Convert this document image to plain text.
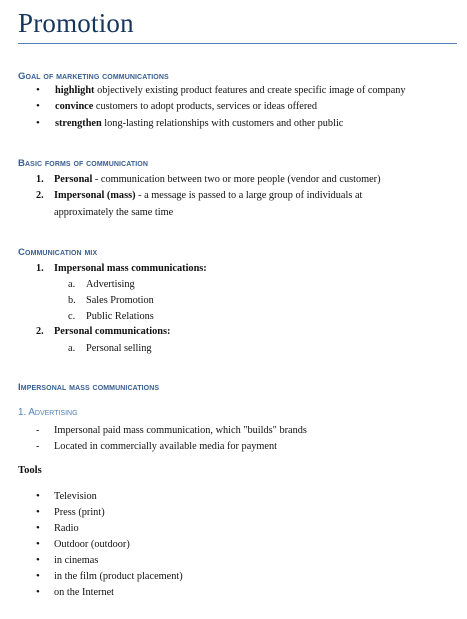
Promotion
Goal of marketing communications
• highlight objectively existing product features and create specific image of company
• convince customers to adopt products, services or ideas offered
• strengthen long-lasting relationships with customers and other public
Basic forms of communication
1. Personal - communication between two or more people (vendor and customer)
2. Impersonal (mass) - a message is passed to a large group of individuals at
approximately the same time
Communication mix
1. Impersonal mass communications:
a. Advertising
b. Sales Promotion
c. Public Relations
2. Personal communications:
a. Personal selling
Impersonal mass communications
1. Advertising
- Impersonal paid mass communication, which "builds" brands
- Located in commercially available media for payment
Tools
• Television
• Press (print)
• Radio
• Outdoor (outdoor)
• in cinemas
• in the film (product placement)
• on the Internet
